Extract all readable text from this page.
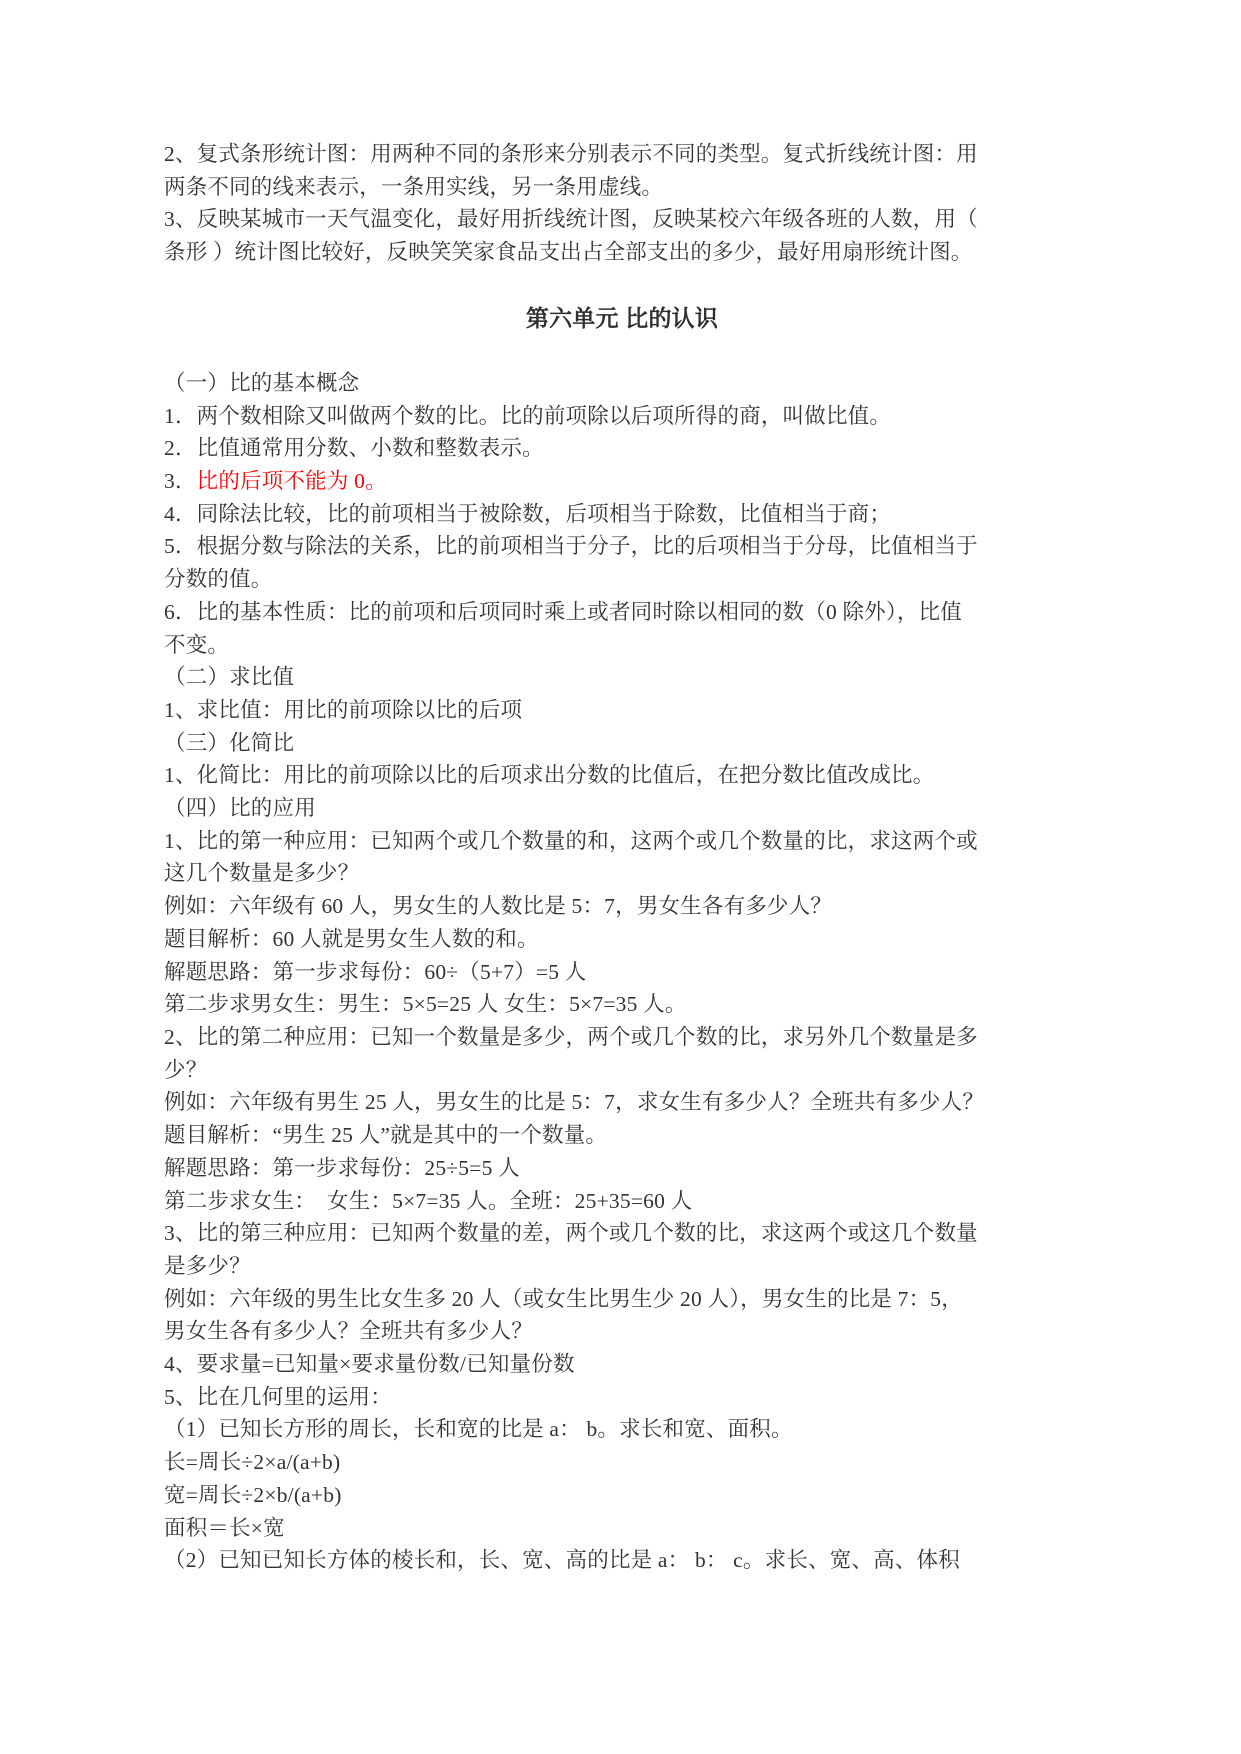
2、复式条形统计图：用两种不同的条形来分别表示不同的类型。复式折线统计图：用
两条不同的线来表示，一条用实线，另一条用虚线。
3、反映某城市一天气温变化，最好用折线统计图，反映某校六年级各班的人数，用（
条形 ）统计图比较好，反映笑笑家食品支出占全部支出的多少，最好用扇形统计图。

第六单元 比的认识

（一）比的基本概念
1．两个数相除又叫做两个数的比。比的前项除以后项所得的商，叫做比值。
2．比值通常用分数、小数和整数表示。
3．比的后项不能为 0。
4．同除法比较，比的前项相当于被除数，后项相当于除数，比值相当于商；
5．根据分数与除法的关系，比的前项相当于分子，比的后项相当于分母，比值相当于
分数的值。
6．比的基本性质：比的前项和后项同时乘上或者同时除以相同的数（0 除外），比值
不变。
（二）求比值
1、求比值：用比的前项除以比的后项
（三）化简比
1、化简比：用比的前项除以比的后项求出分数的比值后，在把分数比值改成比。
（四）比的应用
1、比的第一种应用：已知两个或几个数量的和，这两个或几个数量的比，求这两个或
这几个数量是多少？
例如：六年级有 60 人，男女生的人数比是 5：7，男女生各有多少人？
题目解析：60 人就是男女生人数的和。
解题思路：第一步求每份：60÷（5+7）=5 人
第二步求男女生：男生：5×5=25 人 女生：5×7=35 人。
2、比的第二种应用：已知一个数量是多少，两个或几个数的比，求另外几个数量是多
少？
例如：六年级有男生 25 人，男女生的比是 5：7，求女生有多少人？全班共有多少人？
题目解析：“男生 25 人”就是其中的一个数量。
解题思路：第一步求每份：25÷5=5 人
第二步求女生：  女生：5×7=35 人。全班：25+35=60 人
3、比的第三种应用：已知两个数量的差，两个或几个数的比，求这两个或这几个数量
是多少？
例如：六年级的男生比女生多 20 人（或女生比男生少 20 人），男女生的比是 7：5，
男女生各有多少人？全班共有多少人？
4、要求量=已知量×要求量份数/已知量份数
5、比在几何里的运用：
（1）已知长方形的周长，长和宽的比是 a： b。求长和宽、面积。
长=周长÷2×a/(a+b)
宽=周长÷2×b/(a+b)
面积＝长×宽
（2）已知已知长方体的棱长和，长、宽、高的比是 a： b： c。求长、宽、高、体积
